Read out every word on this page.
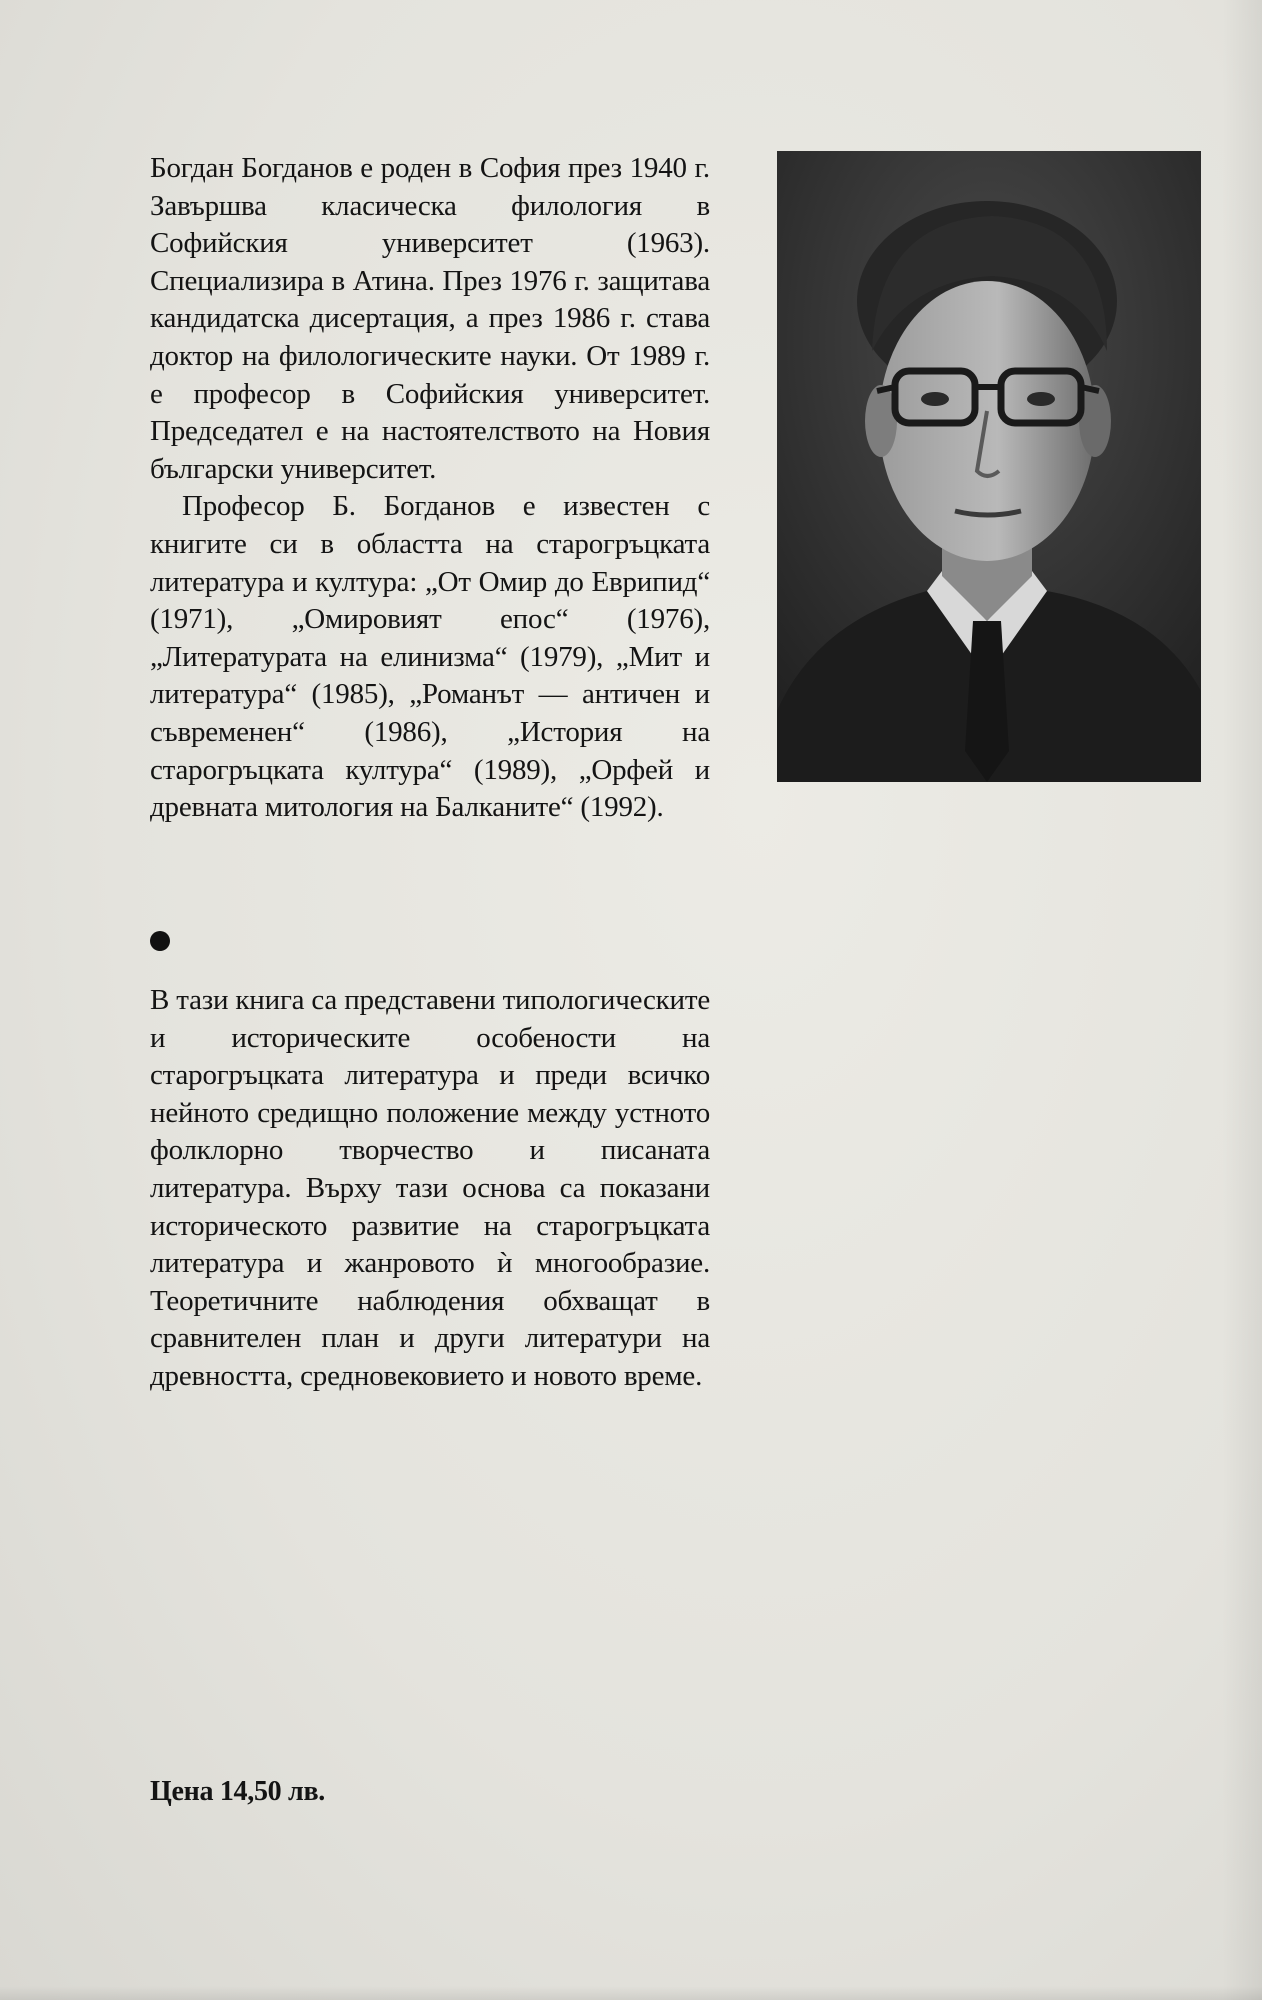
Богдан Богданов е роден в София през 1940 г. Завършва класическа филология в Софийския университет (1963). Специализира в Атина. През 1976 г. защитава кандидатска дисертация, а през 1986 г. става доктор на филологическите науки. От 1989 г. е професор в Софийския университет. Председател е на настоятелството на Новия български университет.

Професор Б. Богданов е известен с книгите си в областта на старогръцката литература и култура: „От Омир до Еврипид“ (1971), „Омировият епос“ (1976), „Литературата на елинизма“ (1979), „Мит и литература“ (1985), „Романът — античен и съвременен“ (1986), „История на старогръцката култура“ (1989), „Орфей и древната митология на Балканите“ (1992).

В тази книга са представени типологическите и историческите особености на старогръцката литература и преди всичко нейното средищно положение между устното фолклорно творчество и писаната литература. Върху тази основа са показани историческото развитие на старогръцката литература и жанровото ѝ многообразие. Теоретичните наблюдения обхващат в сравнителен план и други литератури на древността, средновековието и новото време.

Цена 14,50 лв.
